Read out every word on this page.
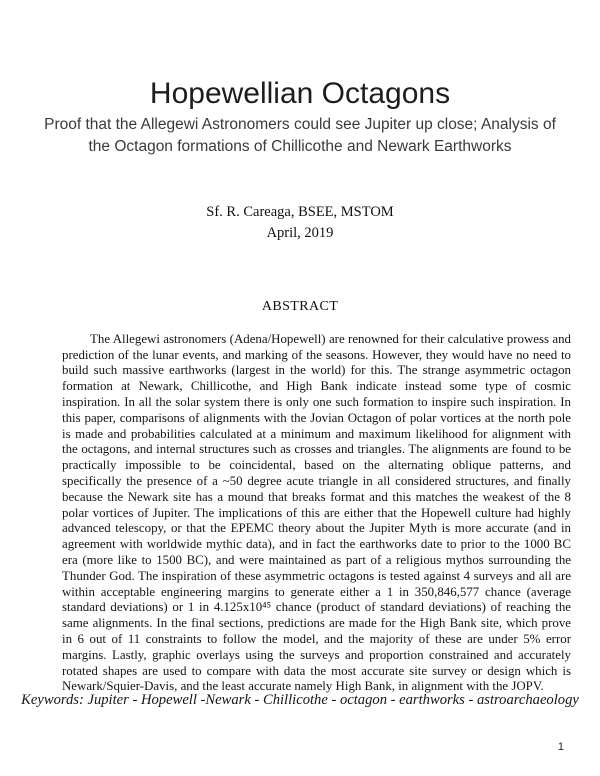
Hopewellian Octagons
Proof that the Allegewi Astronomers could see Jupiter up close; Analysis of the Octagon formations of Chillicothe and Newark Earthworks
Sf. R. Careaga, BSEE, MSTOM
April, 2019
ABSTRACT

The Allegewi astronomers (Adena/Hopewell) are renowned for their calculative prowess and prediction of the lunar events, and marking of the seasons. However, they would have no need to build such massive earthworks (largest in the world) for this. The strange asymmetric octagon formation at Newark, Chillicothe, and High Bank indicate instead some type of cosmic inspiration. In all the solar system there is only one such formation to inspire such inspiration. In this paper, comparisons of alignments with the Jovian Octagon of polar vortices at the north pole is made and probabilities calculated at a minimum and maximum likelihood for alignment with the octagons, and internal structures such as crosses and triangles. The alignments are found to be practically impossible to be coincidental, based on the alternating oblique patterns, and specifically the presence of a ~50 degree acute triangle in all considered structures, and finally because the Newark site has a mound that breaks format and this matches the weakest of the 8 polar vortices of Jupiter. The implications of this are either that the Hopewell culture had highly advanced telescopy, or that the EPEMC theory about the Jupiter Myth is more accurate (and in agreement with worldwide mythic data), and in fact the earthworks date to prior to the 1000 BC era (more like to 1500 BC), and were maintained as part of a religious mythos surrounding the Thunder God. The inspiration of these asymmetric octagons is tested against 4 surveys and all are within acceptable engineering margins to generate either a 1 in 350,846,577 chance (average standard deviations) or 1 in 4.125x10⁴⁵ chance (product of standard deviations) of reaching the same alignments. In the final sections, predictions are made for the High Bank site, which prove in 6 out of 11 constraints to follow the model, and the majority of these are under 5% error margins. Lastly, graphic overlays using the surveys and proportion constrained and accurately rotated shapes are used to compare with data the most accurate site survey or design which is Newark/Squier-Davis, and the least accurate namely High Bank, in alignment with the JOPV.

Keywords: Jupiter - Hopewell -Newark - Chillicothe - octagon - earthworks - astroarchaeology
1
